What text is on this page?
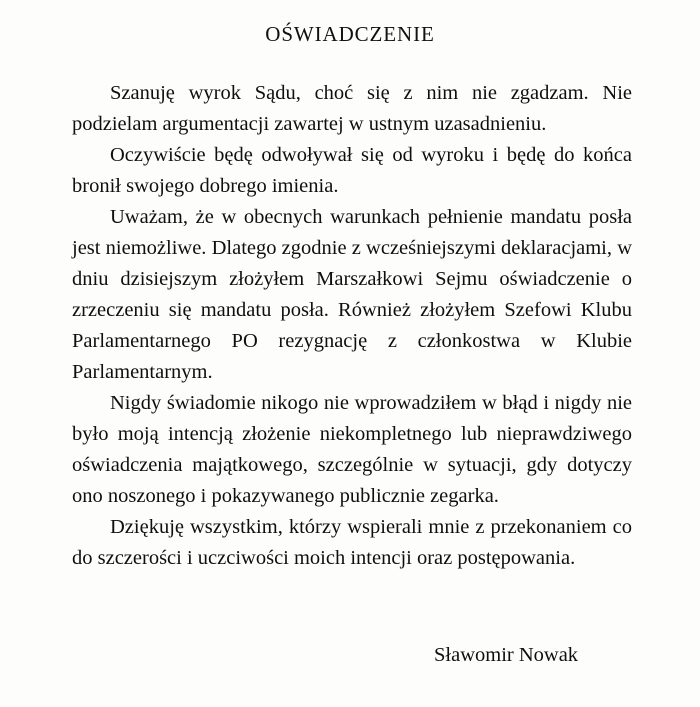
OŚWIADCZENIE

Szanuję wyrok Sądu, choć się z nim nie zgadzam. Nie podzielam argumentacji zawartej w ustnym uzasadnieniu.

Oczywiście będę odwoływał się od wyroku i będę do końca bronił swojego dobrego imienia.

Uważam, że w obecnych warunkach pełnienie mandatu posła jest niemożliwe. Dlatego zgodnie z wcześniejszymi deklaracjami, w dniu dzisiejszym złożyłem Marszałkowi Sejmu oświadczenie o zrzeczeniu się mandatu posła. Również złożyłem Szefowi Klubu Parlamentarnego PO rezygnację z członkostwa w Klubie Parlamentarnym.

Nigdy świadomie nikogo nie wprowadziłem w błąd i nigdy nie było moją intencją złożenie niekompletnego lub nieprawdziwego oświadczenia majątkowego, szczególnie w sytuacji, gdy dotyczy ono noszonego i pokazywanego publicznie zegarka.

Dziękuję wszystkim, którzy wspierali mnie z przekonaniem co do szczerości i uczciwości moich intencji oraz postępowania.

Sławomir Nowak
